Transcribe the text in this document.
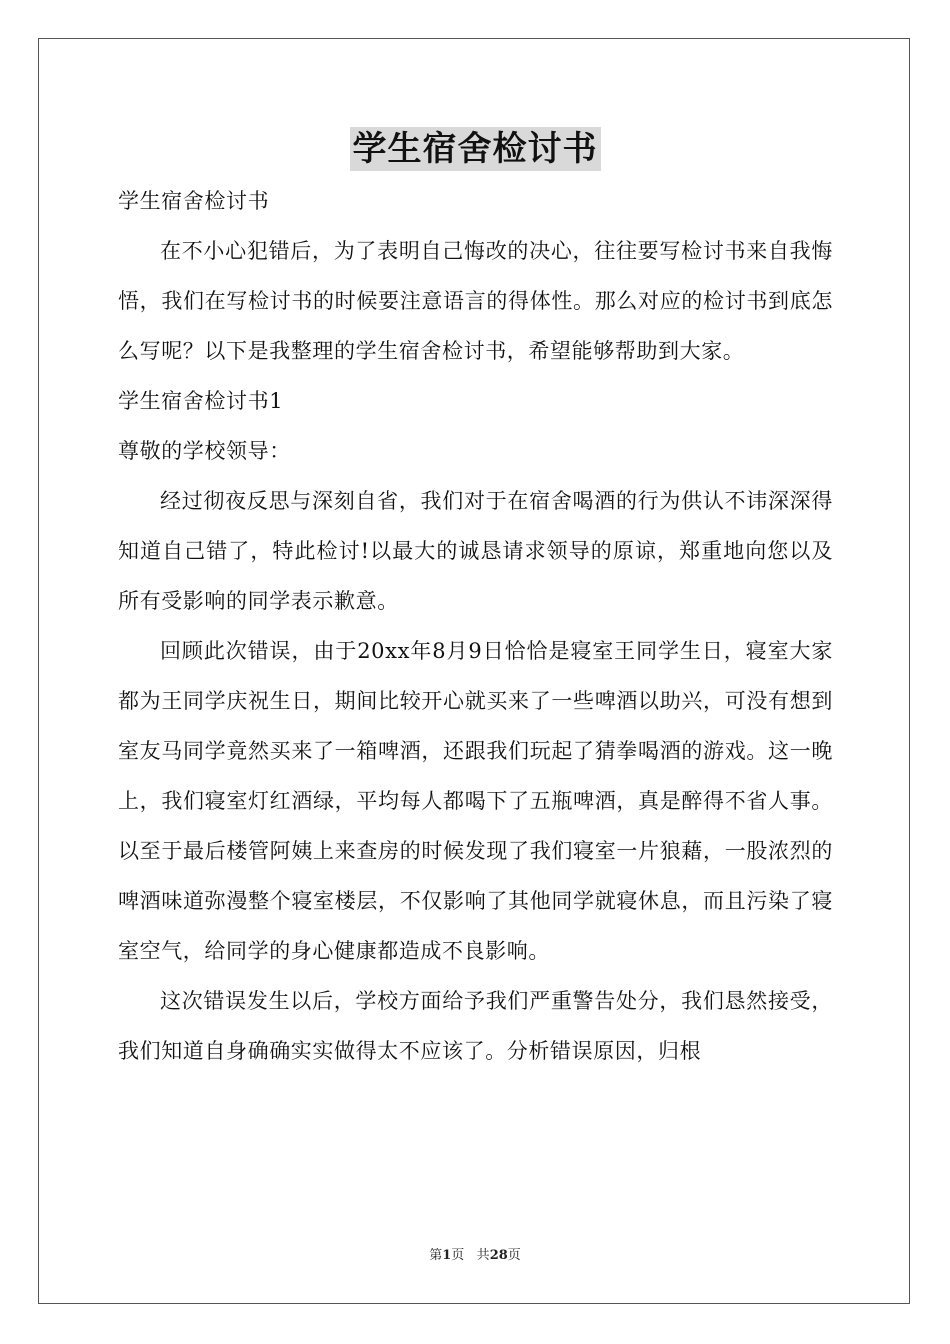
学生宿舍检讨书

学生宿舍检讨书

在不小心犯错后，为了表明自己悔改的决心，往往要写检讨书来自我悔悟，我们在写检讨书的时候要注意语言的得体性。那么对应的检讨书到底怎么写呢？以下是我整理的学生宿舍检讨书，希望能够帮助到大家。

学生宿舍检讨书1

尊敬的学校领导：

经过彻夜反思与深刻自省，我们对于在宿舍喝酒的行为供认不讳深深得知道自己错了，特此检讨!以最大的诚恳请求领导的原谅，郑重地向您以及所有受影响的同学表示歉意。

回顾此次错误，由于20xx年8月9日恰恰是寝室王同学生日，寝室大家都为王同学庆祝生日，期间比较开心就买来了一些啤酒以助兴，可没有想到室友马同学竟然买来了一箱啤酒，还跟我们玩起了猜拳喝酒的游戏。这一晚上，我们寝室灯红酒绿，平均每人都喝下了五瓶啤酒，真是醉得不省人事。以至于最后楼管阿姨上来查房的时候发现了我们寝室一片狼藉，一股浓烈的啤酒味道弥漫整个寝室楼层，不仅影响了其他同学就寝休息，而且污染了寝室空气，给同学的身心健康都造成不良影响。

这次错误发生以后，学校方面给予我们严重警告处分，我们恳然接受，我们知道自身确确实实做得太不应该了。分析错误原因，归根

第1页 共28页
